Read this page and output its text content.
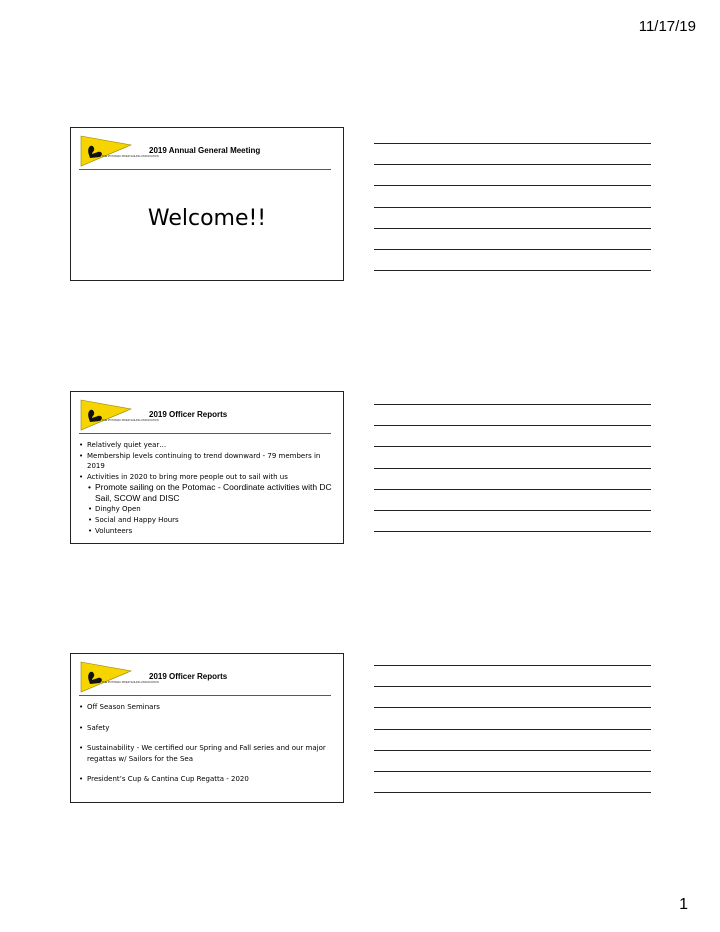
11/17/19
THE POTOMAC RIVER SAILING ASSOCIATION
2019 Annual General Meeting
Welcome!!
THE POTOMAC RIVER SAILING ASSOCIATION
2019 Officer Reports
• Relatively quiet year…
• Membership levels continuing to trend downward - 79 members in 2019
• Activities in 2020 to bring more people out to sail with us
• Promote sailing on the Potomac - Coordinate activities with DC Sail, SCOW and DISC
• Dinghy Open
• Social and Happy Hours
• Volunteers
THE POTOMAC RIVER SAILING ASSOCIATION
2019 Officer Reports
• Off Season Seminars
• Safety
• Sustainability - We certified our Spring and Fall series and our major regattas w/ Sailors for the Sea
• President’s Cup & Cantina Cup Regatta - 2020
1
